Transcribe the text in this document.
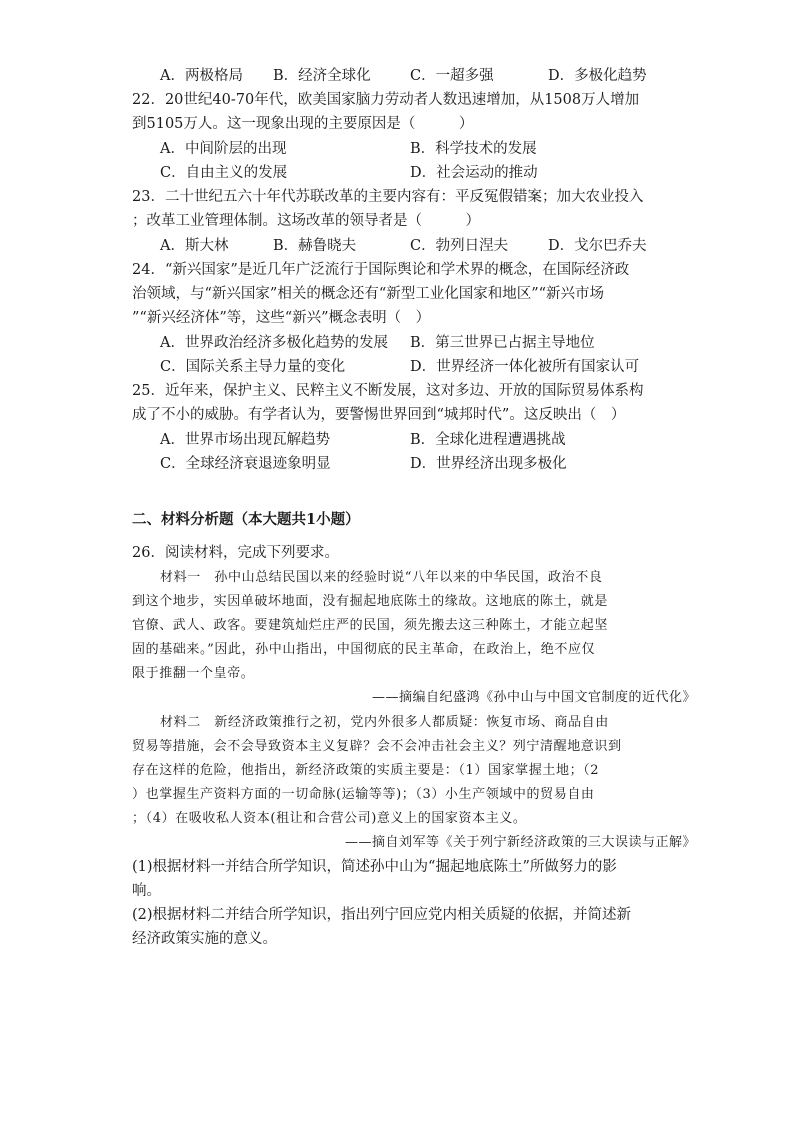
A．两极格局 B．经济全球化	C．一超多强	D．多极化趋势
22．20世纪40-70年代，欧美国家脑力劳动者人数迅速增加，从1508万人增加
到5105万人。这一现象出现的主要原因是（　　　）
A．中间阶层的出现	B．科学技术的发展
C．自由主义的发展	D．社会运动的推动
23．二十世纪五六十年代苏联改革的主要内容有：平反冤假错案；加大农业投入
；改革工业管理体制。这场改革的领导者是（　　　）
A．斯大林	B．赫鲁晓夫	C．勃列日涅夫	D．戈尔巴乔夫
24．“新兴国家”是近几年广泛流行于国际舆论和学术界的概念，在国际经济政
治领域，与“新兴国家”相关的概念还有“新型工业化国家和地区”“新兴市场
”“新兴经济体”等，这些“新兴”概念表明（　）
A．世界政治经济多极化趋势的发展 B．第三世界已占据主导地位
C．国际关系主导力量的变化	D．世界经济一体化被所有国家认可
25．近年来，保护主义、民粹主义不断发展，这对多边、开放的国际贸易体系构
成了不小的威胁。有学者认为，要警惕世界回到“城邦时代”。这反映出（　）
A．世界市场出现瓦解趋势	B．全球化进程遭遇挑战
C．全球经济衰退迹象明显	D．世界经济出现多极化
二、材料分析题（本大题共1小题）
26．阅读材料，完成下列要求。
材料一　孙中山总结民国以来的经验时说“八年以来的中华民国，政治不良
到这个地步，实因单破坏地面，没有掘起地底陈土的缘故。这地底的陈土，就是
官僚、武人、政客。要建筑灿烂庄严的民国，须先搬去这三种陈土，才能立起坚
固的基础来。”因此，孙中山指出，中国彻底的民主革命，在政治上，绝不应仅
限于推翻一个皇帝。
——摘编自纪盛鸿《孙中山与中国文官制度的近代化》
材料二　新经济政策推行之初，党内外很多人都质疑：恢复市场、商品自由
贸易等措施，会不会导致资本主义复辟？会不会冲击社会主义？列宁清醒地意识到
存在这样的危险，他指出，新经济政策的实质主要是：（1）国家掌握土地；（2
）也掌握生产资料方面的一切命脉(运输等等)；（3）小生产领域中的贸易自由
；（4）在吸收私人资本(租让和合营公司)意义上的国家资本主义。
——摘自刘军等《关于列宁新经济政策的三大误读与正解》
(1)根据材料一并结合所学知识，简述孙中山为“掘起地底陈土”所做努力的影
响。
(2)根据材料二并结合所学知识，指出列宁回应党内相关质疑的依据，并简述新
经济政策实施的意义。
